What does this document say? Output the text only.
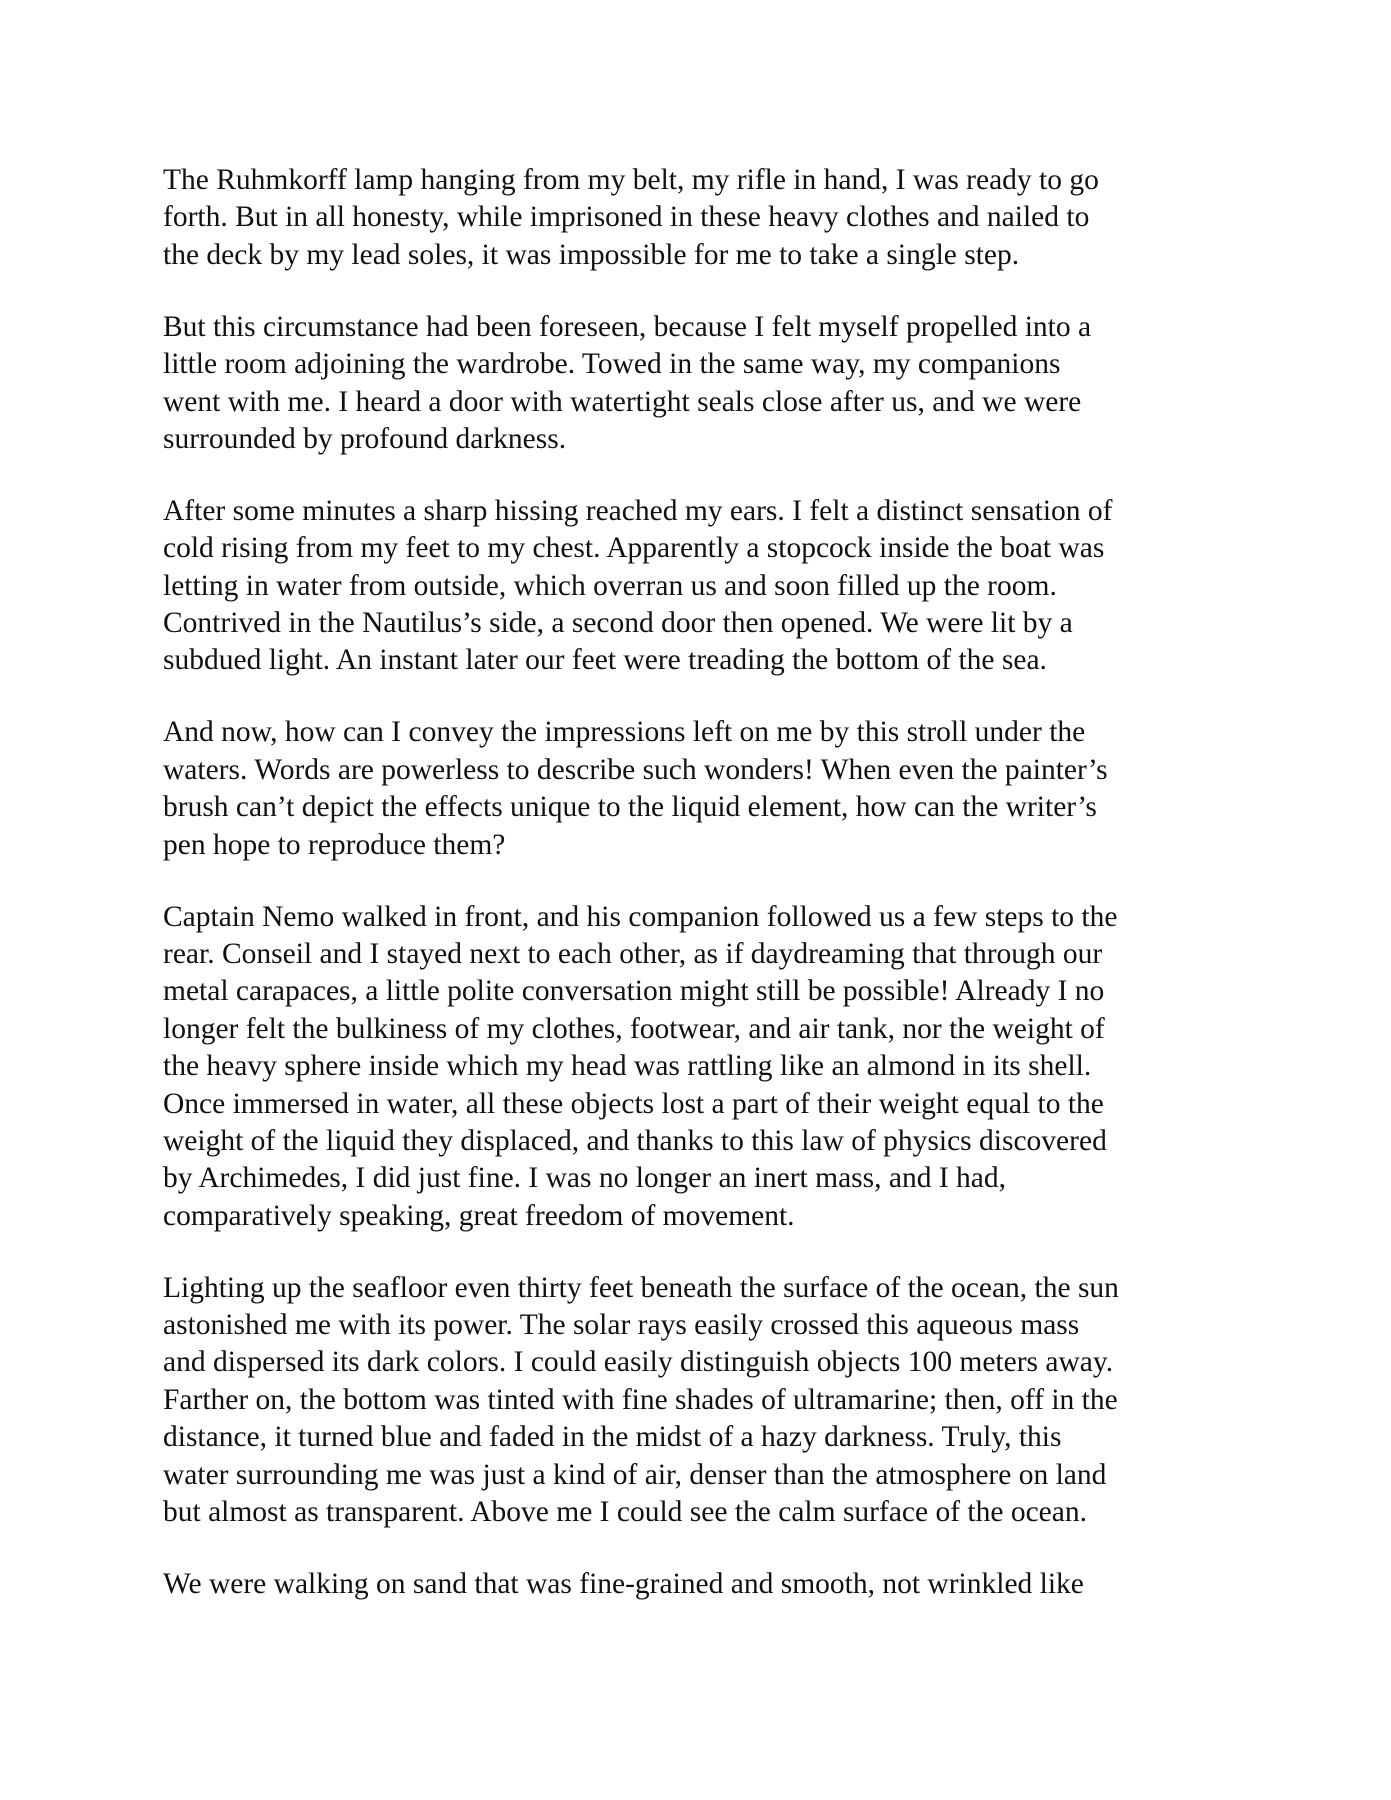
The Ruhmkorff lamp hanging from my belt, my rifle in hand, I was ready to go
forth. But in all honesty, while imprisoned in these heavy clothes and nailed to
the deck by my lead soles, it was impossible for me to take a single step.

But this circumstance had been foreseen, because I felt myself propelled into a
little room adjoining the wardrobe. Towed in the same way, my companions
went with me. I heard a door with watertight seals close after us, and we were
surrounded by profound darkness.

After some minutes a sharp hissing reached my ears. I felt a distinct sensation of
cold rising from my feet to my chest. Apparently a stopcock inside the boat was
letting in water from outside, which overran us and soon filled up the room.
Contrived in the Nautilus’s side, a second door then opened. We were lit by a
subdued light. An instant later our feet were treading the bottom of the sea.

And now, how can I convey the impressions left on me by this stroll under the
waters. Words are powerless to describe such wonders! When even the painter’s
brush can’t depict the effects unique to the liquid element, how can the writer’s
pen hope to reproduce them?

Captain Nemo walked in front, and his companion followed us a few steps to the
rear. Conseil and I stayed next to each other, as if daydreaming that through our
metal carapaces, a little polite conversation might still be possible! Already I no
longer felt the bulkiness of my clothes, footwear, and air tank, nor the weight of
the heavy sphere inside which my head was rattling like an almond in its shell.
Once immersed in water, all these objects lost a part of their weight equal to the
weight of the liquid they displaced, and thanks to this law of physics discovered
by Archimedes, I did just fine. I was no longer an inert mass, and I had,
comparatively speaking, great freedom of movement.

Lighting up the seafloor even thirty feet beneath the surface of the ocean, the sun
astonished me with its power. The solar rays easily crossed this aqueous mass
and dispersed its dark colors. I could easily distinguish objects 100 meters away.
Farther on, the bottom was tinted with fine shades of ultramarine; then, off in the
distance, it turned blue and faded in the midst of a hazy darkness. Truly, this
water surrounding me was just a kind of air, denser than the atmosphere on land
but almost as transparent. Above me I could see the calm surface of the ocean.

We were walking on sand that was fine-grained and smooth, not wrinkled like
